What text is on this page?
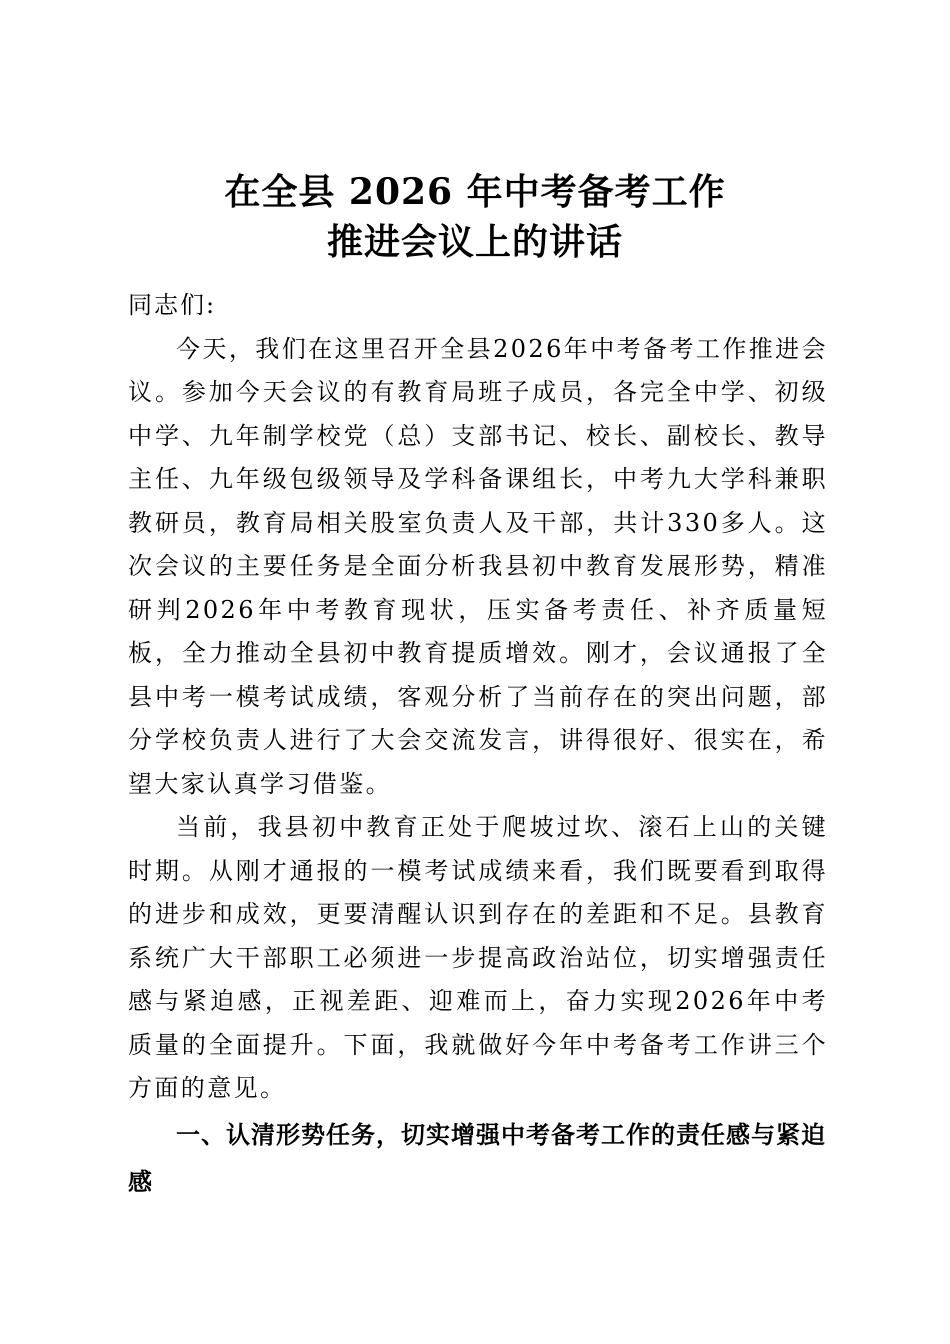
在全县 2026 年中考备考工作
推进会议上的讲话

同志们:

今天，我们在这里召开全县2026年中考备考工作推进会议。参加今天会议的有教育局班子成员，各完全中学、初级中学、九年制学校党（总）支部书记、校长、副校长、教导主任、九年级包级领导及学科备课组长，中考九大学科兼职教研员，教育局相关股室负责人及干部，共计330多人。这次会议的主要任务是全面分析我县初中教育发展形势，精准研判2026年中考教育现状，压实备考责任、补齐质量短板，全力推动全县初中教育提质增效。刚才，会议通报了全县中考一模考试成绩，客观分析了当前存在的突出问题，部分学校负责人进行了大会交流发言，讲得很好、很实在，希望大家认真学习借鉴。

当前，我县初中教育正处于爬坡过坎、滚石上山的关键时期。从刚才通报的一模考试成绩来看，我们既要看到取得的进步和成效，更要清醒认识到存在的差距和不足。县教育系统广大干部职工必须进一步提高政治站位，切实增强责任感与紧迫感，正视差距、迎难而上，奋力实现2026年中考质量的全面提升。下面，我就做好今年中考备考工作讲三个方面的意见。

一、认清形势任务，切实增强中考备考工作的责任感与紧迫感
